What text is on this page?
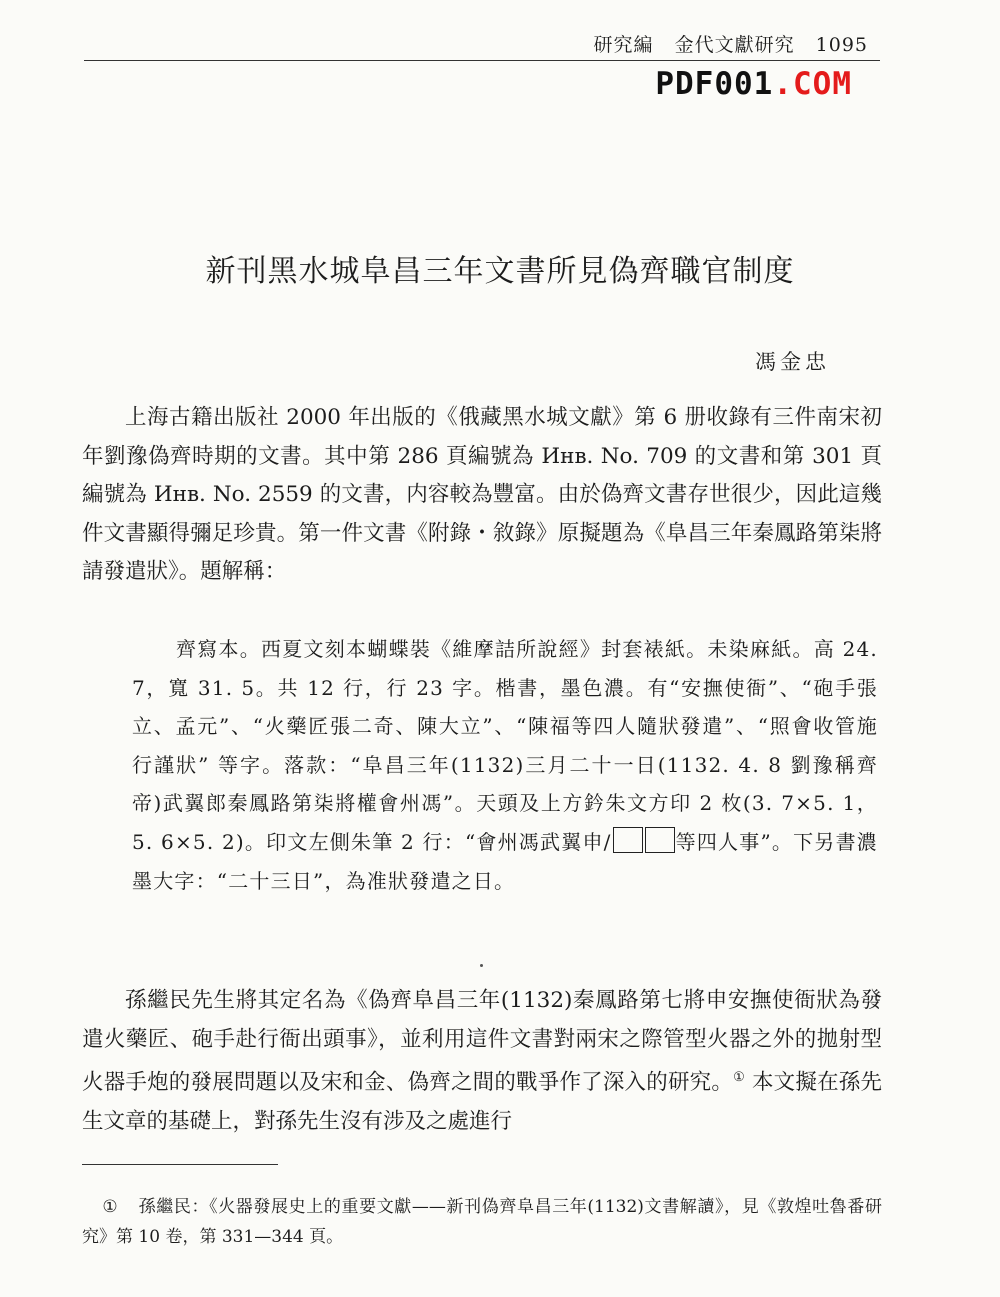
研究編 金代文獻研究 1095
PDF001.COM
新刊黑水城阜昌三年文書所見偽齊職官制度
馮金忠

上海古籍出版社 2000 年出版的《俄藏黑水城文獻》第 6 册收錄有三件南宋初年劉豫偽齊時期的文書。其中第 286 頁編號為 Инв. No. 709 的文書和第 301 頁編號為 Инв. No. 2559 的文書，内容較為豐富。由於偽齊文書存世很少，因此這幾件文書顯得彌足珍貴。第一件文書《附錄・敘錄》原擬題為《阜昌三年秦鳳路第柒將請發遣狀》。題解稱：

齊寫本。西夏文刻本蝴蝶裝《維摩詰所說經》封套裱紙。未染麻紙。高 24. 7，寬 31. 5。共 12 行，行 23 字。楷書，墨色濃。有“安撫使衙”、“砲手張立、孟元”、“火藥匠張二奇、陳大立”、“陳福等四人隨狀發遣”、“照會收管施行謹狀” 等字。落款：“阜昌三年(1132)三月二十一日(1132. 4. 8 劉豫稱齊帝)武翼郎秦鳳路第柒將權會州馮”。天頭及上方鈐朱文方印 2 枚(3. 7×5. 1，5. 6×5. 2)。印文左側朱筆 2 行：“會州馮武翼申/	等四人事”。下另書濃墨大字：“二十三日”，為准狀發遣之日。

孫繼民先生將其定名為《偽齊阜昌三年(1132)秦鳳路第七將申安撫使衙狀為發遣火藥匠、砲手赴行衙出頭事》，並利用這件文書對兩宋之際管型火器之外的拋射型火器手炮的發展問題以及宋和金、偽齊之間的戰爭作了深入的研究。① 本文擬在孫先生文章的基礎上，對孫先生沒有涉及之處進行

① 孫繼民：《火器發展史上的重要文獻——新刊偽齊阜昌三年(1132)文書解讀》，見《敦煌吐魯番研究》第 10 卷，第 331—344 頁。
